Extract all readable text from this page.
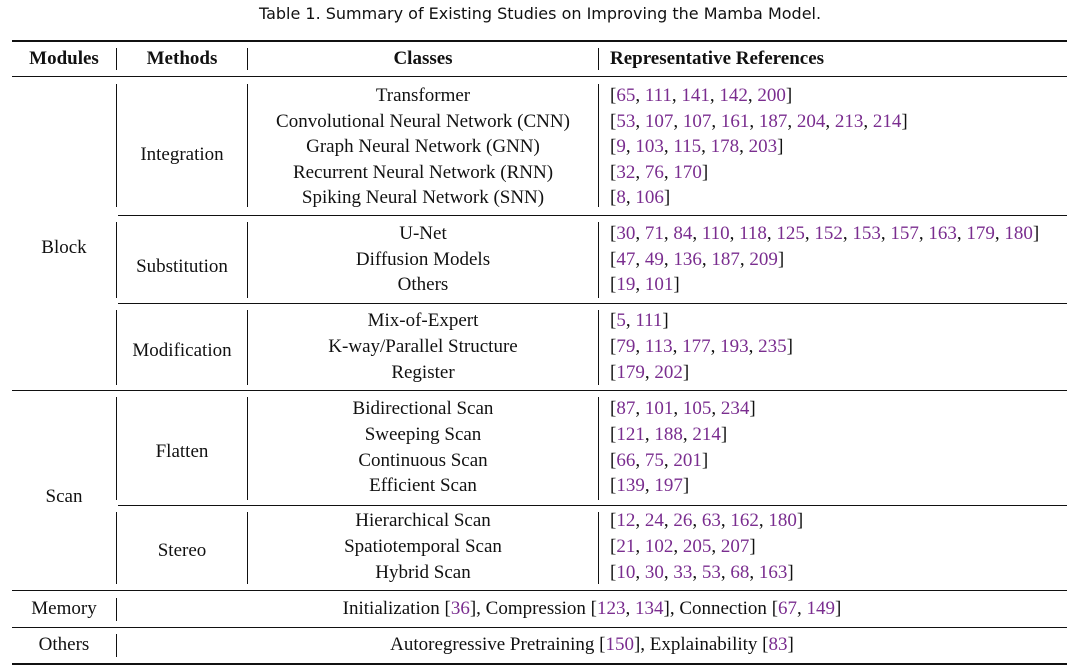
Table 1. Summary of Existing Studies on Improving the Mamba Model.
Modules	Methods	Classes	Representative References
Block
Integration
Transformer	[65, 111, 141, 142, 200]
Convolutional Neural Network (CNN)	[53, 107, 107, 161, 187, 204, 213, 214]
Graph Neural Network (GNN)	[9, 103, 115, 178, 203]
Recurrent Neural Network (RNN)	[32, 76, 170]
Spiking Neural Network (SNN)	[8, 106]
Substitution
U-Net	[30, 71, 84, 110, 118, 125, 152, 153, 157, 163, 179, 180]
Diffusion Models	[47, 49, 136, 187, 209]
Others	[19, 101]
Modification
Mix-of-Expert	[5, 111]
K-way/Parallel Structure	[79, 113, 177, 193, 235]
Register	[179, 202]
Scan
Flatten
Bidirectional Scan	[87, 101, 105, 234]
Sweeping Scan	[121, 188, 214]
Continuous Scan	[66, 75, 201]
Efficient Scan	[139, 197]
Stereo
Hierarchical Scan	[12, 24, 26, 63, 162, 180]
Spatiotemporal Scan	[21, 102, 205, 207]
Hybrid Scan	[10, 30, 33, 53, 68, 163]
Memory	Initialization [36], Compression [123, 134], Connection [67, 149]
Others	Autoregressive Pretraining [150], Explainability [83]
